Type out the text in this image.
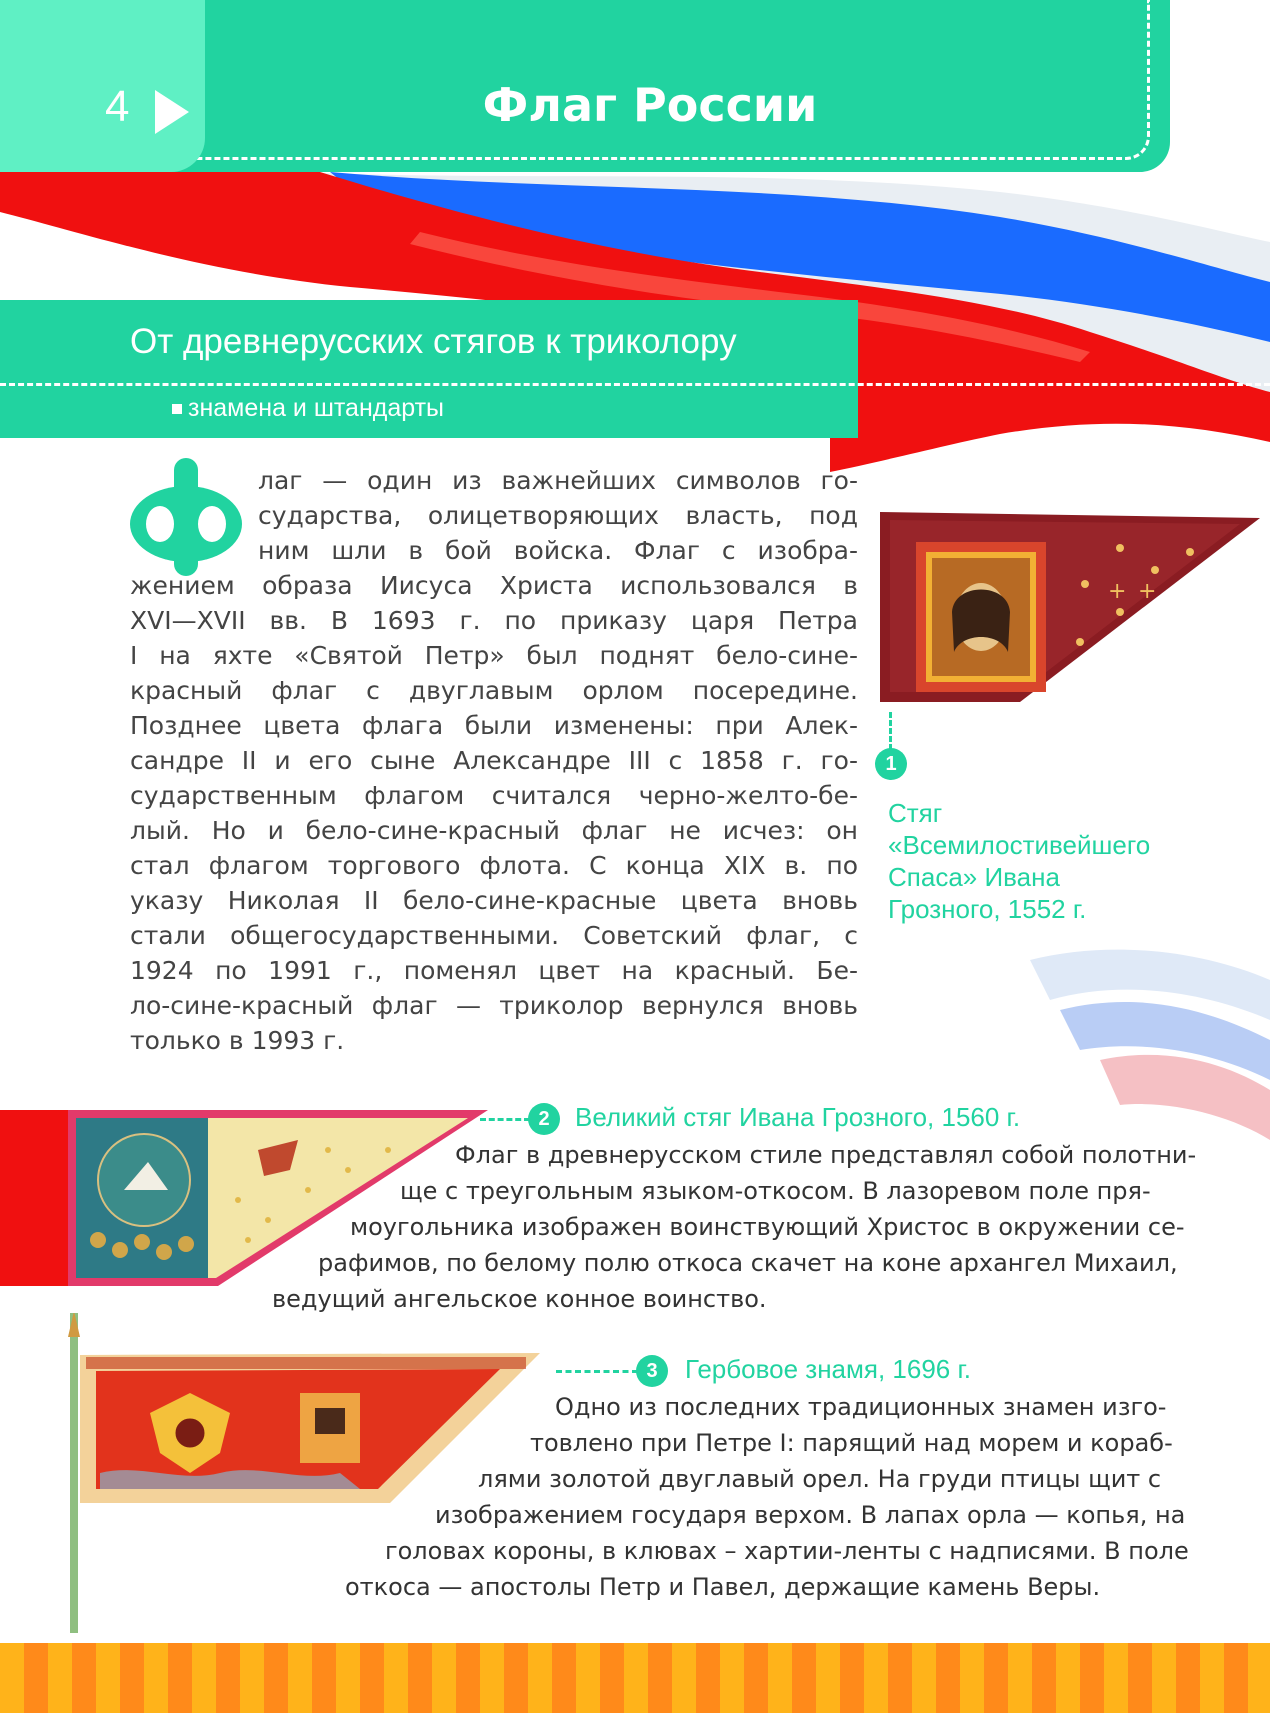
4	Флаг России
От древнерусских стягов к триколору
знамена и штандарты
Ф
лаг — один из важнейших символов го-
сударства, олицетворяющих власть, под
ним шли в бой войска. Флаг с изобра-
жением образа Иисуса Христа использовался в
XVI—XVII вв. В 1693 г. по приказу царя Петра
I на яхте «Святой Петр» был поднят бело-сине-
красный флаг с двуглавым орлом посередине.
Позднее цвета флага были изменены: при Алек-
сандре II и его сыне Александре III с 1858 г. го-
сударственным флагом считался черно-желто-бе-
лый. Но и бело-сине-красный флаг не исчез: он
стал флагом торгового флота. С конца XIX в. по
указу Николая II бело-сине-красные цвета вновь
стали общегосударственными. Советский флаг, с
1924 по 1991 г., поменял цвет на красный. Бе-
ло-сине-красный флаг — триколор вернулся вновь
только в 1993 г.
+ +
1
Стяг
«Всемилостивейшего
Спаса» Ивана
Грозного, 1552 г.
2 Великий стяг Ивана Грозного, 1560 г.
Флаг в древнерусском стиле представлял собой полотни-
ще с треугольным языком-откосом. В лазоревом поле пря-
моугольника изображен воинствующий Христос в окружении се-
рафимов, по белому полю откоса скачет на коне архангел Михаил,
ведущий ангельское конное воинство.
3	Гербовое знамя, 1696 г.
Одно из последних традиционных знамен изго-
товлено при Петре I: парящий над морем и кораб-
лями золотой двуглавый орел. На груди птицы щит с
изображением государя верхом. В лапах орла — копья, на
головах короны, в клювах – хартии-ленты с надписями. В поле
откоса — апостолы Петр и Павел, держащие камень Веры.
